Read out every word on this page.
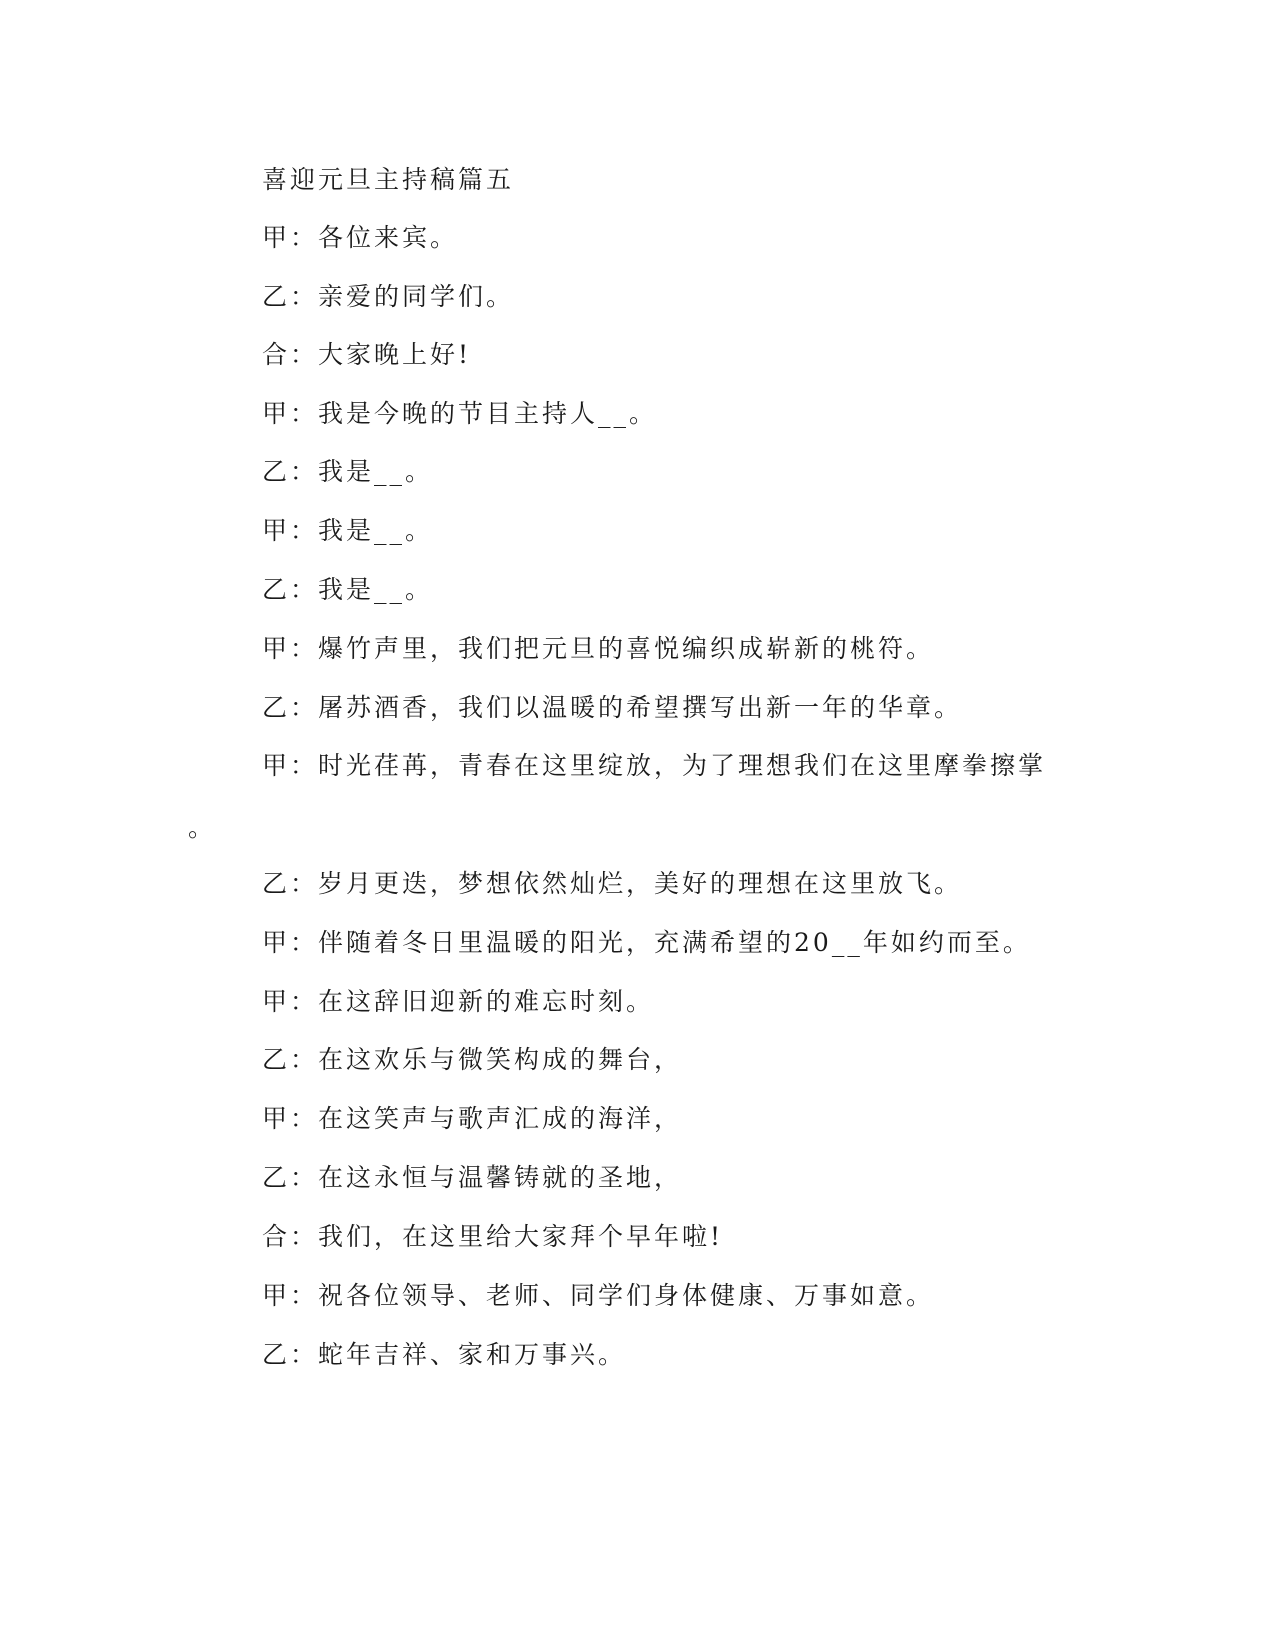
喜迎元旦主持稿篇五
甲：各位来宾。
乙：亲爱的同学们。
合：大家晚上好!
甲：我是今晚的节目主持人__。
乙：我是__。
甲：我是__。
乙：我是__。
甲：爆竹声里，我们把元旦的喜悦编织成崭新的桃符。
乙：屠苏酒香，我们以温暖的希望撰写出新一年的华章。
甲：时光荏苒，青春在这里绽放，为了理想我们在这里摩拳擦掌
。
乙：岁月更迭，梦想依然灿烂，美好的理想在这里放飞。
甲：伴随着冬日里温暖的阳光，充满希望的20__年如约而至。
甲：在这辞旧迎新的难忘时刻。
乙：在这欢乐与微笑构成的舞台，
甲：在这笑声与歌声汇成的海洋，
乙：在这永恒与温馨铸就的圣地，
合：我们，在这里给大家拜个早年啦!
甲：祝各位领导、老师、同学们身体健康、万事如意。
乙：蛇年吉祥、家和万事兴。
